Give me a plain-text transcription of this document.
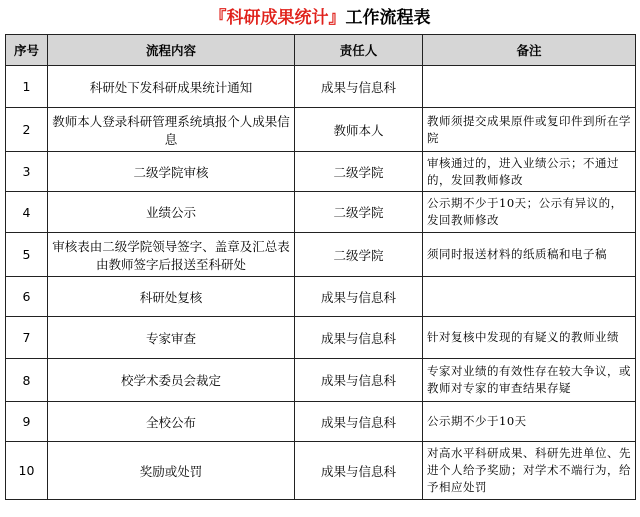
『科研成果统计』工作流程表
序号	流程内容	责任人	备注
1	科研处下发科研成果统计通知	成果与信息科	
2	教师本人登录科研管理系统填报个人成果信息	教师本人	教师须提交成果原件或复印件到所在学院
3	二级学院审核	二级学院	审核通过的，进入业绩公示；不通过的，发回教师修改
4	业绩公示	二级学院	公示期不少于10天；公示有异议的，发回教师修改
5	审核表由二级学院领导签字、盖章及汇总表由教师签字后报送至科研处	二级学院	须同时报送材料的纸质稿和电子稿
6	科研处复核	成果与信息科	
7	专家审查	成果与信息科	针对复核中发现的有疑义的教师业绩
8	校学术委员会裁定	成果与信息科	专家对业绩的有效性存在较大争议，或教师对专家的审查结果存疑
9	全校公布	成果与信息科	公示期不少于10天
10	奖励或处罚	成果与信息科	对高水平科研成果、科研先进单位、先进个人给予奖励；对学术不端行为，给予相应处罚
